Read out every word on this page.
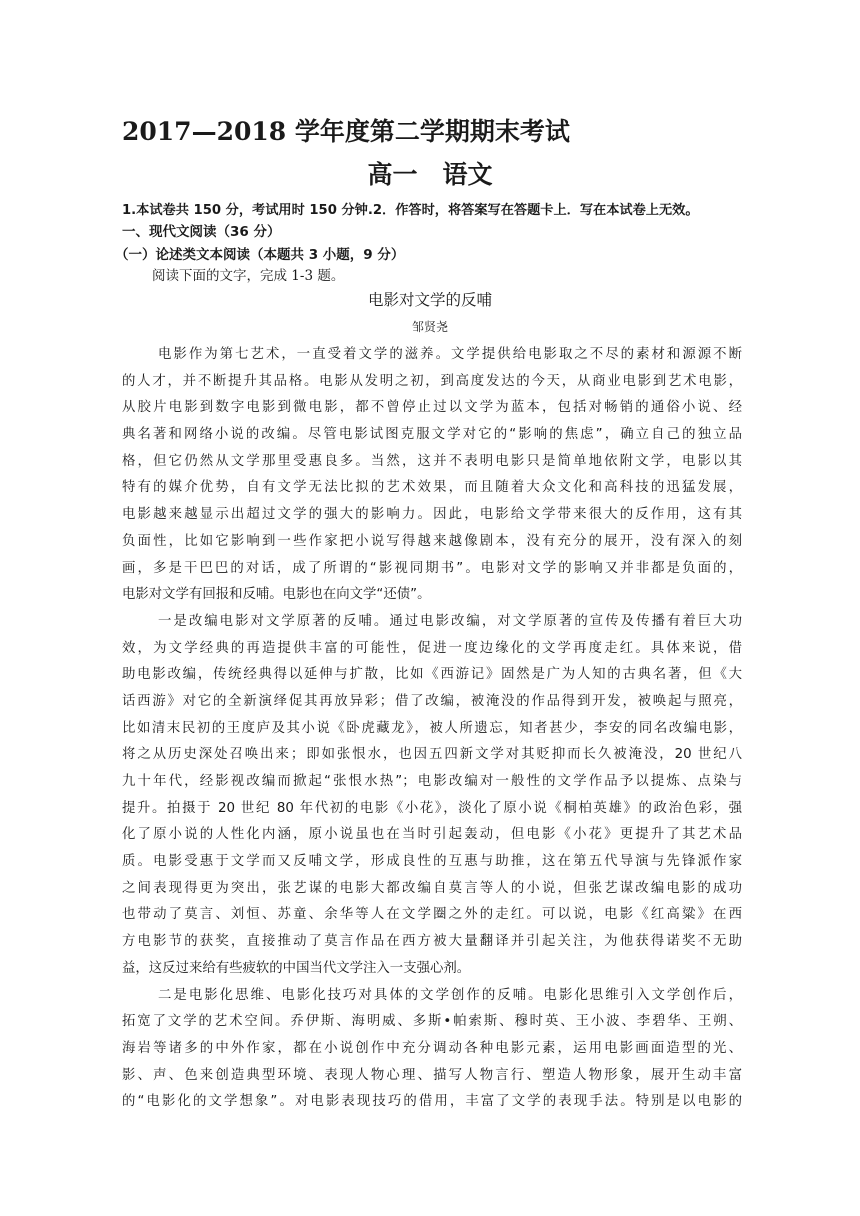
2017—2018 学年度第二学期期末考试
高一　语文
1.本试卷共 150 分，考试用时 150 分钟.2．作答时，将答案写在答题卡上．写在本试卷上无效。
一、现代文阅读（36 分）
（一）论述类文本阅读（本题共 3 小题，9 分）
阅读下面的文字，完成 1-3 题。
电影对文学的反哺
邹贤尧
电影作为第七艺术，一直受着文学的滋养。文学提供给电影取之不尽的素材和源源不断
的人才，并不断提升其品格。电影从发明之初，到高度发达的今天，从商业电影到艺术电影，
从胶片电影到数字电影到微电影，都不曾停止过以文学为蓝本，包括对畅销的通俗小说、经
典名著和网络小说的改编。尽管电影试图克服文学对它的“影响的焦虑”，确立自己的独立品
格，但它仍然从文学那里受惠良多。当然，这并不表明电影只是简单地依附文学，电影以其
特有的媒介优势，自有文学无法比拟的艺术效果，而且随着大众文化和高科技的迅猛发展，
电影越来越显示出超过文学的强大的影响力。因此，电影给文学带来很大的反作用，这有其
负面性，比如它影响到一些作家把小说写得越来越像剧本，没有充分的展开，没有深入的刻
画，多是干巴巴的对话，成了所谓的“影视同期书”。电影对文学的影响又并非都是负面的，
电影对文学有回报和反哺。电影也在向文学“还债”。
一是改编电影对文学原著的反哺。通过电影改编，对文学原著的宣传及传播有着巨大功
效，为文学经典的再造提供丰富的可能性，促进一度边缘化的文学再度走红。具体来说，借
助电影改编，传统经典得以延伸与扩散，比如《西游记》固然是广为人知的古典名著，但《大
话西游》对它的全新演绎促其再放异彩；借了改编，被淹没的作品得到开发，被唤起与照亮，
比如清末民初的王度庐及其小说《卧虎藏龙》，被人所遗忘，知者甚少，李安的同名改编电影，
将之从历史深处召唤出来；即如张恨水，也因五四新文学对其贬抑而长久被淹没，20 世纪八
九十年代，经影视改编而掀起“张恨水热”；电影改编对一般性的文学作品予以提炼、点染与
提升。拍摄于 20 世纪 80 年代初的电影《小花》，淡化了原小说《桐柏英雄》的政治色彩，强
化了原小说的人性化内涵，原小说虽也在当时引起轰动，但电影《小花》更提升了其艺术品
质。电影受惠于文学而又反哺文学，形成良性的互惠与助推，这在第五代导演与先锋派作家
之间表现得更为突出，张艺谋的电影大都改编自莫言等人的小说，但张艺谋改编电影的成功
也带动了莫言、刘恒、苏童、余华等人在文学圈之外的走红。可以说，电影《红高粱》在西
方电影节的获奖，直接推动了莫言作品在西方被大量翻译并引起关注，为他获得诺奖不无助
益，这反过来给有些疲软的中国当代文学注入一支强心剂。
二是电影化思维、电影化技巧对具体的文学创作的反哺。电影化思维引入文学创作后，
拓宽了文学的艺术空间。乔伊斯、海明威、多斯•帕索斯、穆时英、王小波、李碧华、王朔、
海岩等诸多的中外作家，都在小说创作中充分调动各种电影元素，运用电影画面造型的光、
影、声、色来创造典型环境、表现人物心理、描写人物言行、塑造人物形象，展开生动丰富
的“电影化的文学想象”。对电影表现技巧的借用，丰富了文学的表现手法。特别是以电影的
